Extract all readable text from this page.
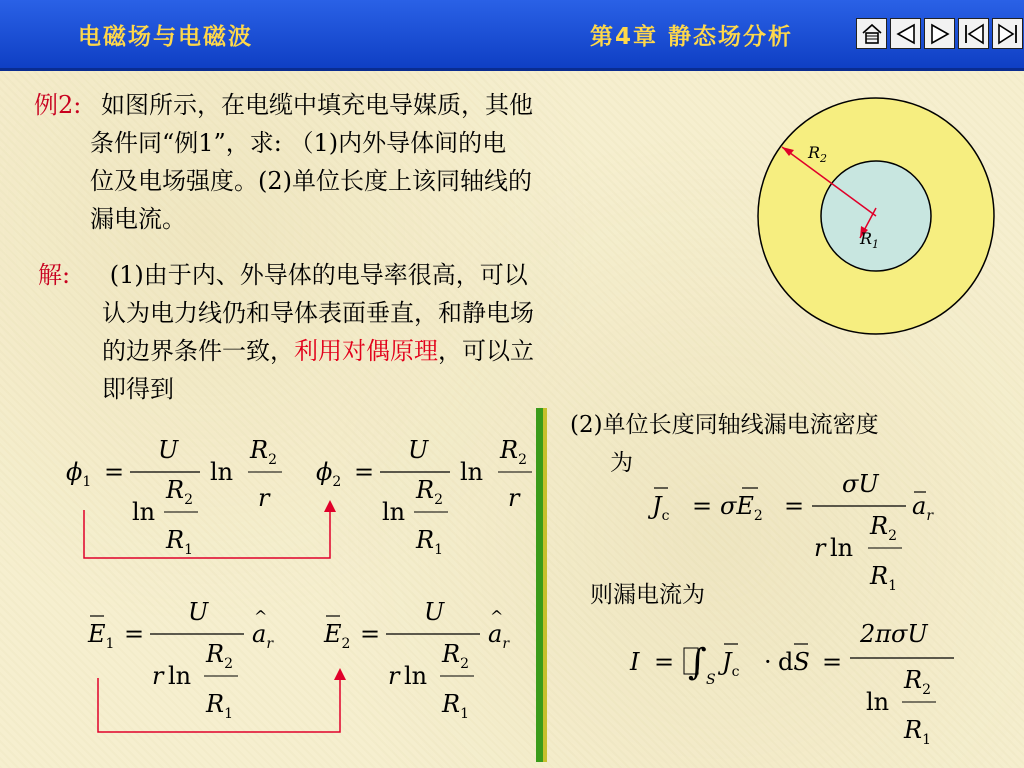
电磁场与电磁波	第4章 静态场分析
例2: 如图所示，在电缆中填充电导媒质，其他
条件同“例1”，求: （1)内外导体间的电
位及电场强度。(2)单位长度上该同轴线的
漏电流。
解: (1)由于内、外导体的电导率很高，可以
认为电力线仍和导体表面垂直，和静电场
的边界条件一致，利用对偶原理，可以立
即得到
$R_2$
$R_1$
$\phi_1$ =
U
ln
$R_2$
$R_1$
ln
$R_2$
r
$\phi_2$ =
U
ln
$R_2$
$R_1$
ln
$R_2$
r
$E_1$ =
U
r ln
$R_2$
$R_1$
$a_r$
^
$E_2$ =
U
r ln
$R_2$
$R_1$
$a_r$
^
(2)单位长度同轴线漏电流密度
为
$J_c = \sigma E_2$ =
σU
r ln
$R_2$
$R_1$
$a_r$
则漏电流为
I = ∫ S
$J_c$ · dS =
2πσU
ln
$R_2$
$R_1$
